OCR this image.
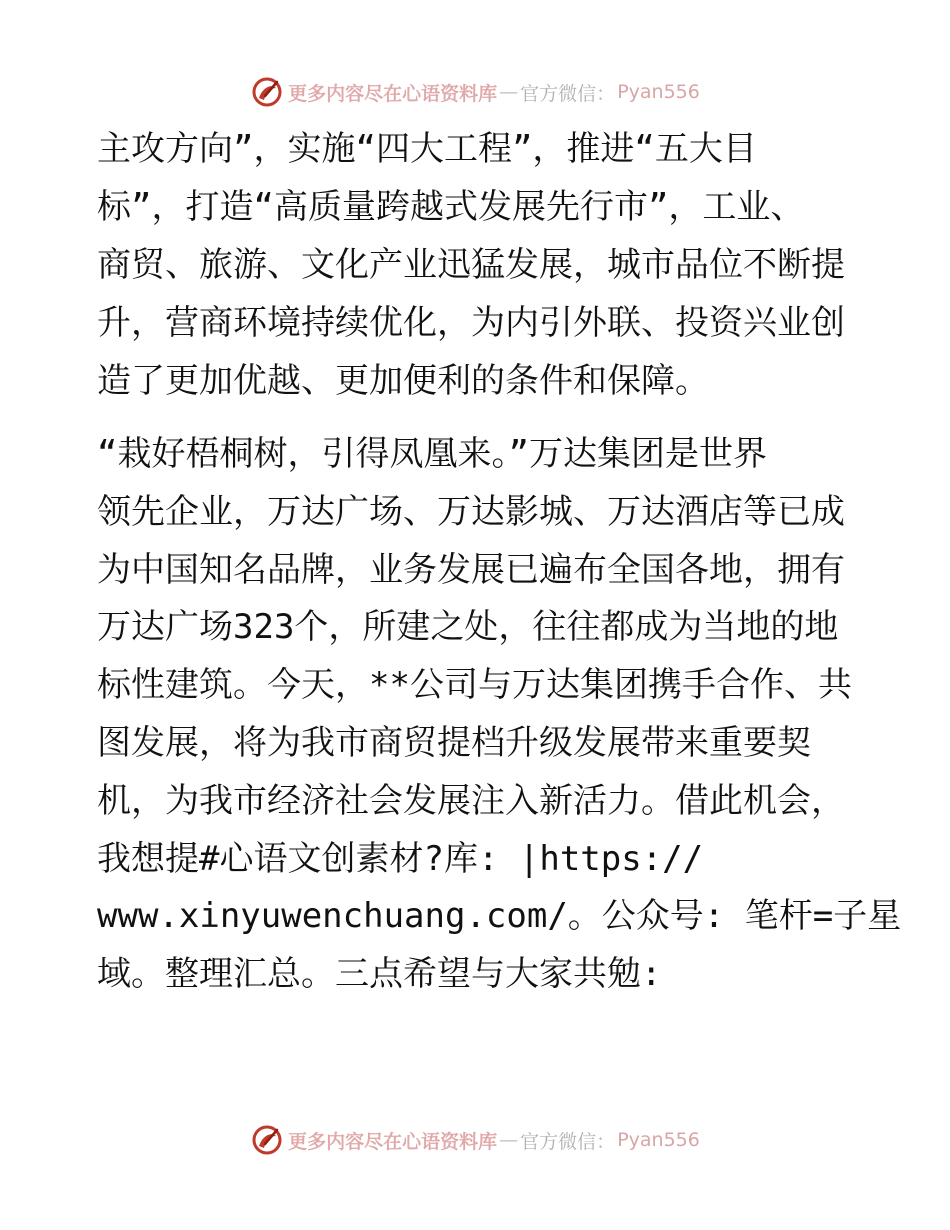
更多内容尽在心语资料库 — 官方微信： Pyan556
主攻方向”，实施“四大工程”，推进“五大目
标”，打造“高质量跨越式发展先行市”，工业、
商贸、旅游、文化产业迅猛发展，城市品位不断提
升，营商环境持续优化，为内引外联、投资兴业创
造了更加优越、更加便利的条件和保障。
“栽好梧桐树，引得凤凰来。”万达集团是世界
领先企业，万达广场、万达影城、万达酒店等已成
为中国知名品牌，业务发展已遍布全国各地，拥有
万达广场323个，所建之处，往往都成为当地的地
标性建筑。今天，**公司与万达集团携手合作、共
图发展，将为我市商贸提档升级发展带来重要契
机，为我市经济社会发展注入新活力。借此机会，
我想提#心语文创素材?库: |https://
www.xinyuwenchuang.com/。公众号: 笔杆=子星
域。整理汇总。三点希望与大家共勉:
更多内容尽在心语资料库 — 官方微信： Pyan556
